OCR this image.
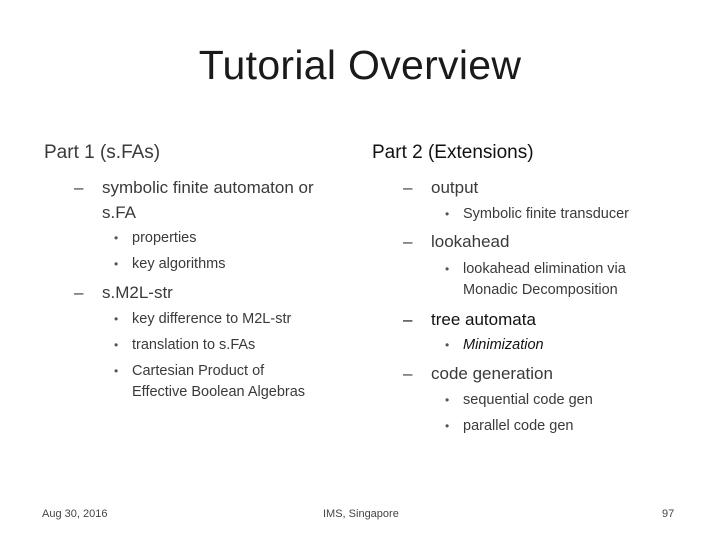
Tutorial Overview
Part 1 (s.FAs)
– symbolic finite automaton or
s.FA
• properties
• key algorithms
– s.M2L-str
• key difference to M2L-str
• translation to s.FAs
• Cartesian Product of
Effective Boolean Algebras
Part 2 (Extensions)
– output
• Symbolic finite transducer
– lookahead
• lookahead elimination via
Monadic Decomposition
– tree automata
• Minimization
– code generation
• sequential code gen
• parallel code gen
Aug 30, 2016	IMS, Singapore	97
